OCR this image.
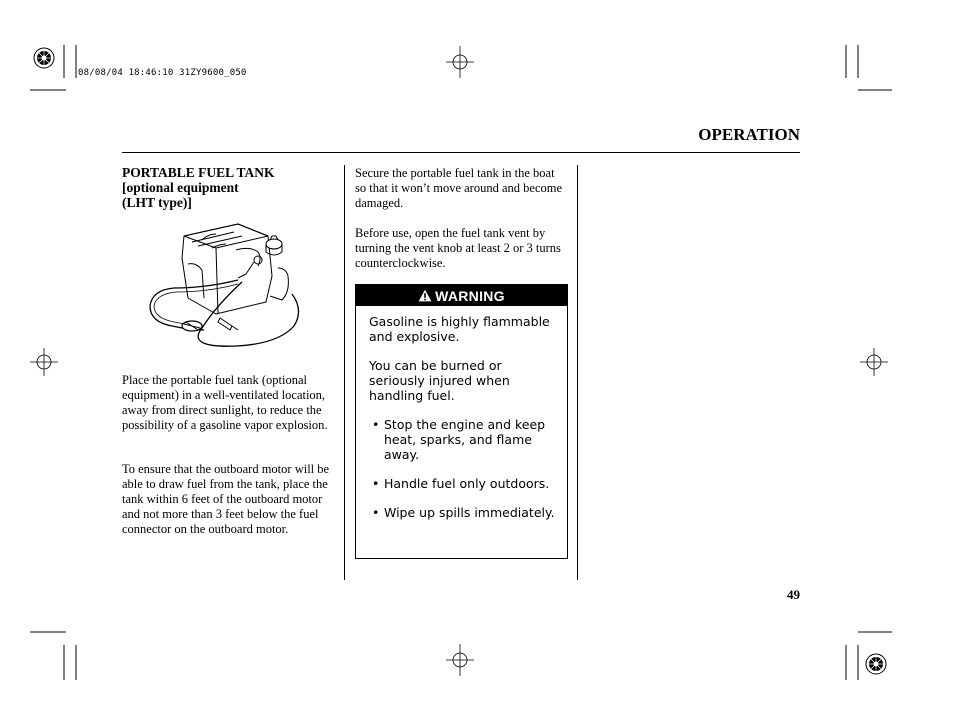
08/08/04 18:46:10 31ZY9600_050
OPERATION
PORTABLE FUEL TANK
[optional equipment
(LHT type)]
Place the portable fuel tank (optional equipment) in a well-ventilated location, away from direct sunlight, to reduce the possibility of a gasoline vapor explosion.
To ensure that the outboard motor will be able to draw fuel from the tank, place the tank within 6 feet of the outboard motor and not more than 3 feet below the fuel connector on the outboard motor.
Secure the portable fuel tank in the boat so that it won’t move around and become damaged.
Before use, open the fuel tank vent by turning the vent knob at least 2 or 3 turns counterclockwise.
WARNING

Gasoline is highly flammable and explosive.

You can be burned or seriously injured when handling fuel.

• Stop the engine and keep heat, sparks, and flame away.
• Handle fuel only outdoors.
• Wipe up spills immediately.
49
